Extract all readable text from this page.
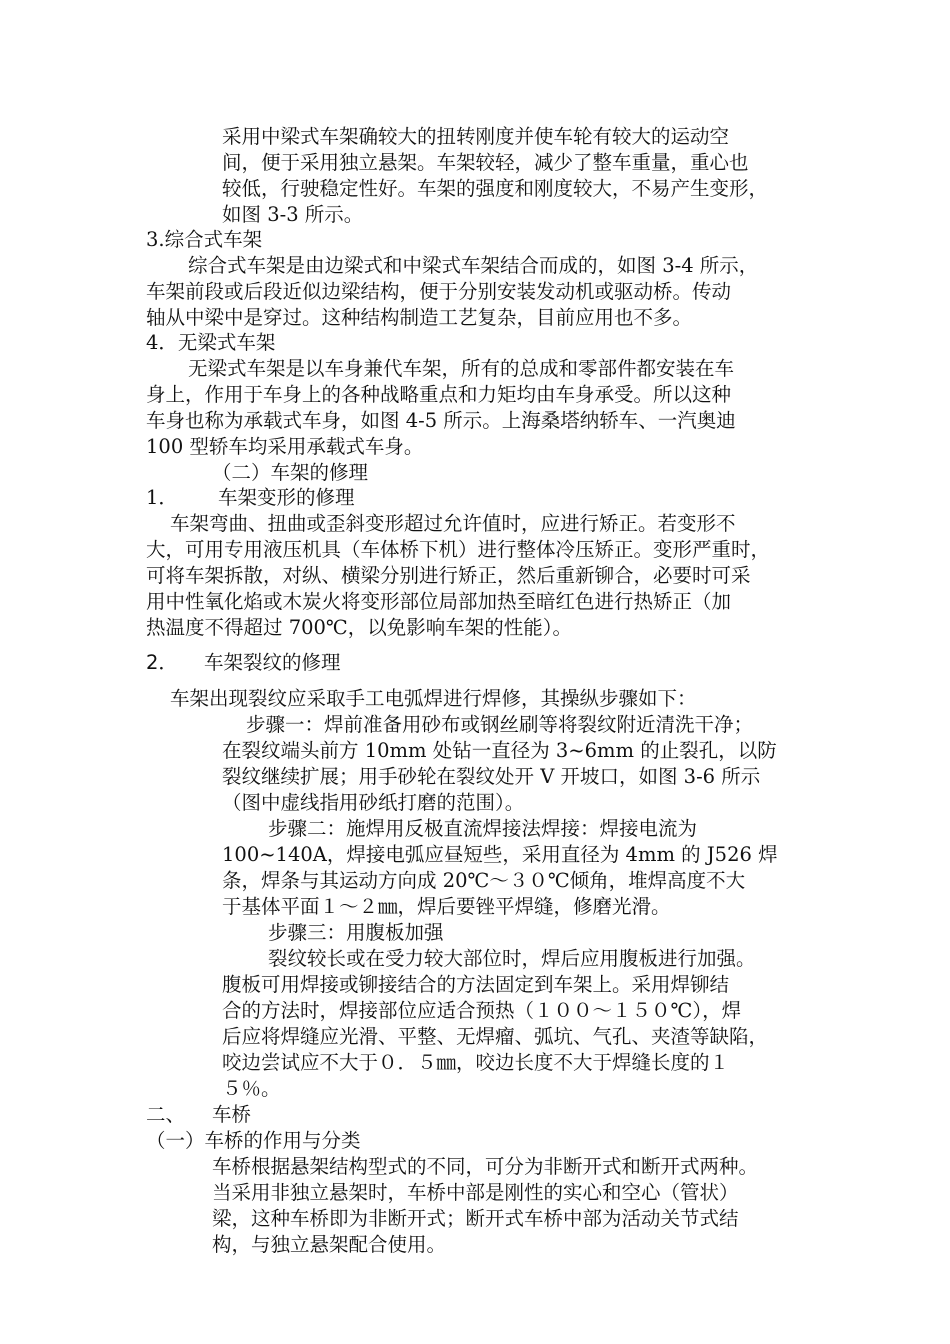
采用中梁式车架确较大的扭转刚度并使车轮有较大的运动空
间，便于采用独立悬架。车架较轻，减少了整车重量，重心也
较低，行驶稳定性好。车架的强度和刚度较大，不易产生变形，
如图 3-3 所示。
3.综合式车架
综合式车架是由边梁式和中梁式车架结合而成的，如图 3-4 所示，
车架前段或后段近似边梁结构，便于分别安装发动机或驱动桥。传动
轴从中梁中是穿过。这种结构制造工艺复杂，目前应用也不多。
4．无梁式车架
无梁式车架是以车身兼代车架，所有的总成和零部件都安装在车
身上，作用于车身上的各种战略重点和力矩均由车身承受。所以这种
车身也称为承载式车身，如图 4-5 所示。上海桑塔纳轿车、一汽奥迪
100 型轿车均采用承载式车身。
（二）车架的修理
1． 车架变形的修理
车架弯曲、扭曲或歪斜变形超过允许值时，应进行矫正。若变形不
大，可用专用液压机具（车体桥下机）进行整体冷压矫正。变形严重时，
可将车架拆散，对纵、横梁分别进行矫正，然后重新铆合，必要时可采
用中性氧化焰或木炭火将变形部位局部加热至暗红色进行热矫正（加
热温度不得超过 700℃，以免影响车架的性能）。
2． 车架裂纹的修理
车架出现裂纹应采取手工电弧焊进行焊修，其操纵步骤如下：
步骤一：焊前准备用砂布或钢丝刷等将裂纹附近清洗干净；
在裂纹端头前方 10mm 处钻一直径为 3~6mm 的止裂孔，以防
裂纹继续扩展；用手砂轮在裂纹处开 V 开坡口，如图 3-6 所示
（图中虚线指用砂纸打磨的范围）。
步骤二：施焊用反极直流焊接法焊接：焊接电流为
100~140A，焊接电弧应昼短些，采用直径为 4mm 的 J526 焊
条，焊条与其运动方向成 20℃～３０℃倾角，堆焊高度不大
于基体平面１～２㎜，焊后要锉平焊缝，修磨光滑。
步骤三：用腹板加强
裂纹较长或在受力较大部位时，焊后应用腹板进行加强。
腹板可用焊接或铆接结合的方法固定到车架上。采用焊铆结
合的方法时，焊接部位应适合预热（１００～１５０℃），焊
后应将焊缝应光滑、平整、无焊瘤、弧坑、气孔、夹渣等缺陷，
咬边尝试应不大于０．５㎜，咬边长度不大于焊缝长度的１
５％。
二、 车桥
（一）车桥的作用与分类
车桥根据悬架结构型式的不同，可分为非断开式和断开式两种。
当采用非独立悬架时，车桥中部是刚性的实心和空心（管状）
梁，这种车桥即为非断开式；断开式车桥中部为活动关节式结
构，与独立悬架配合使用。
